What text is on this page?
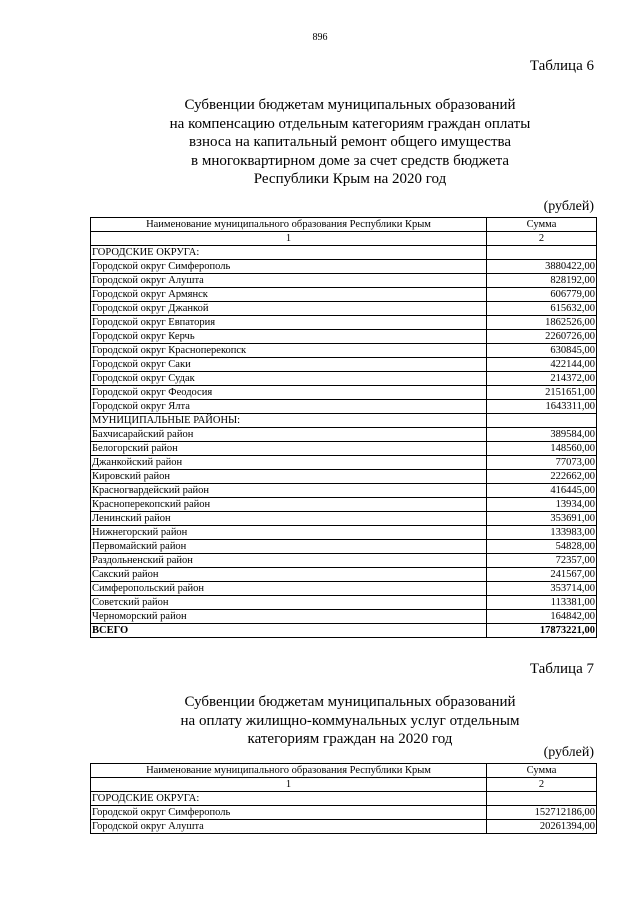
896
Таблица 6
Субвенции бюджетам муниципальных образований
на компенсацию отдельным категориям граждан оплаты
взноса на капитальный ремонт общего имущества
в многоквартирном доме за счет средств бюджета
Республики Крым на 2020 год
(рублей)
Наименование муниципального образования Республики Крым	Сумма
1	2
ГОРОДСКИЕ ОКРУГА:	
Городской округ Симферополь	3880422,00
Городской округ Алушта	828192,00
Городской округ Армянск	606779,00
Городской округ Джанкой	615632,00
Городской округ Евпатория	1862526,00
Городской округ Керчь	2260726,00
Городской округ Красноперекопск	630845,00
Городской округ Саки	422144,00
Городской округ Судак	214372,00
Городской округ Феодосия	2151651,00
Городской округ Ялта	1643311,00
МУНИЦИПАЛЬНЫЕ РАЙОНЫ:	
Бахчисарайский район	389584,00
Белогорский район	148560,00
Джанкойский район	77073,00
Кировский район	222662,00
Красногвардейский район	416445,00
Красноперекопский район	13934,00
Ленинский район	353691,00
Нижнегорский район	133983,00
Первомайский район	54828,00
Раздольненский район	72357,00
Сакский район	241567,00
Симферопольский район	353714,00
Советский район	113381,00
Черноморский район	164842,00
ВСЕГО	17873221,00
Таблица 7
Субвенции бюджетам муниципальных образований
на оплату жилищно-коммунальных услуг отдельным
категориям граждан на 2020 год
(рублей)
Наименование муниципального образования Республики Крым	Сумма
1	2
ГОРОДСКИЕ ОКРУГА:	
Городской округ Симферополь	152712186,00
Городской округ Алушта	20261394,00
